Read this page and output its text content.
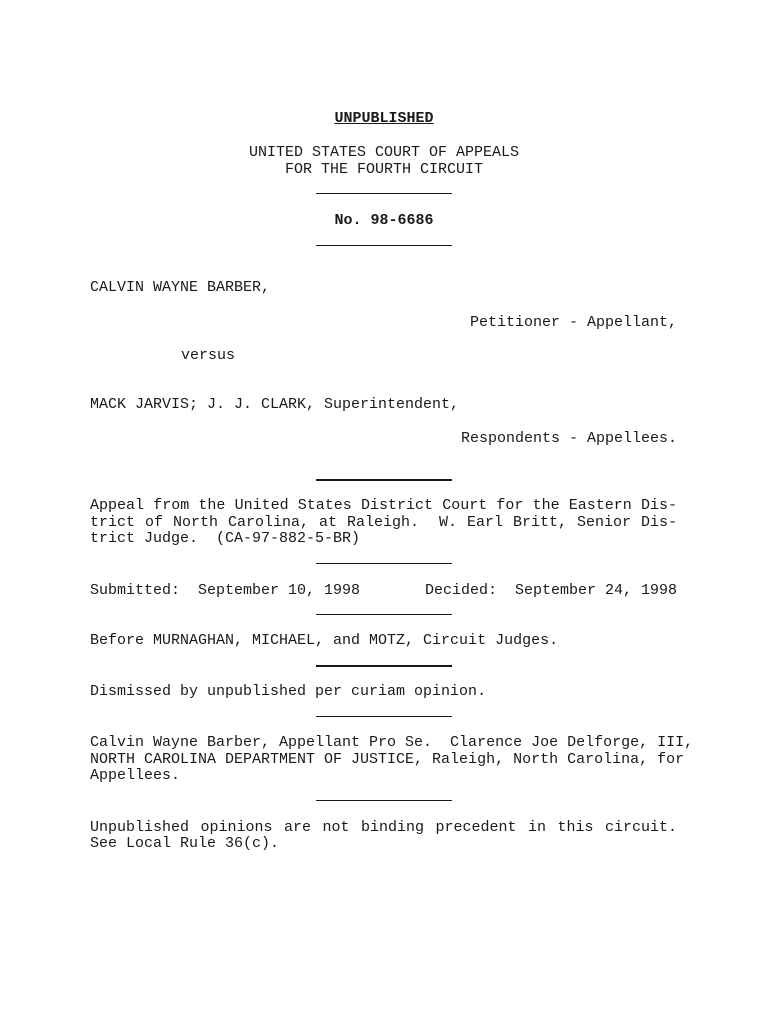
UNPUBLISHED
UNITED STATES COURT OF APPEALS
FOR THE FOURTH CIRCUIT
No. 98-6686
CALVIN WAYNE BARBER,
Petitioner - Appellant,
versus
MACK JARVIS; J. J. CLARK, Superintendent,
Respondents - Appellees.
Appeal from the United States District Court for the Eastern Dis-
trict of North Carolina, at Raleigh.  W. Earl Britt, Senior Dis-
trict Judge.  (CA-97-882-5-BR)
Submitted:  September 10, 1998	Decided:  September 24, 1998
Before MURNAGHAN, MICHAEL, and MOTZ, Circuit Judges.
Dismissed by unpublished per curiam opinion.
Calvin Wayne Barber, Appellant Pro Se.  Clarence Joe Delforge, III,
NORTH CAROLINA DEPARTMENT OF JUSTICE, Raleigh, North Carolina, for
Appellees.
Unpublished opinions are not binding precedent in this circuit.
See Local Rule 36(c).
